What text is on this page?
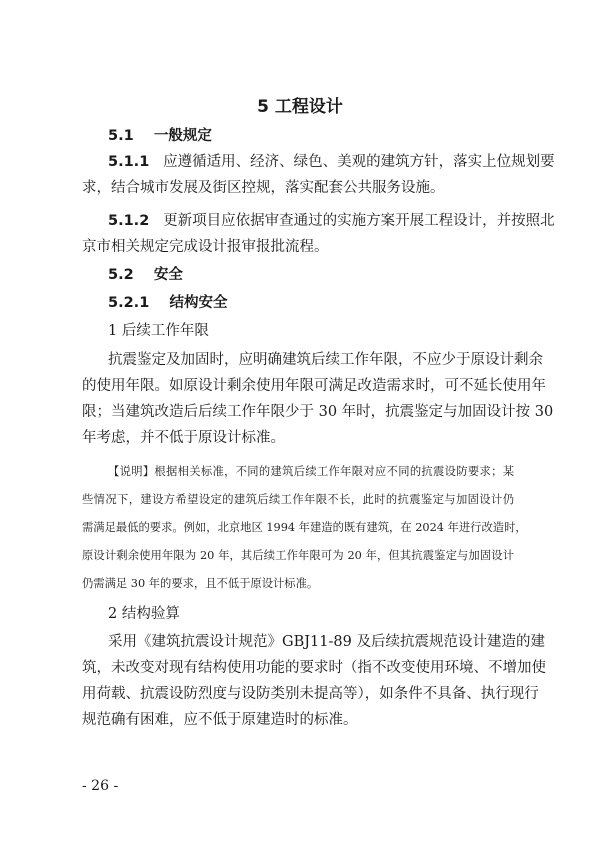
5 工程设计
5.1 一般规定
5.1.1 应遵循适用、经济、绿色、美观的建筑方针，落实上位规划要
求，结合城市发展及街区控规，落实配套公共服务设施。
5.1.2 更新项目应依据审查通过的实施方案开展工程设计，并按照北
京市相关规定完成设计报审报批流程。
5.2 安全
5.2.1 结构安全
1 后续工作年限
抗震鉴定及加固时，应明确建筑后续工作年限，不应少于原设计剩余
的使用年限。如原设计剩余使用年限可满足改造需求时，可不延长使用年
限；当建筑改造后后续工作年限少于 30 年时，抗震鉴定与加固设计按 30
年考虑，并不低于原设计标准。
【说明】根据相关标准，不同的建筑后续工作年限对应不同的抗震设防要求；某
些情况下，建设方希望设定的建筑后续工作年限不长，此时的抗震鉴定与加固设计仍
需满足最低的要求。例如，北京地区 1994 年建造的既有建筑，在 2024 年进行改造时，
原设计剩余使用年限为 20 年，其后续工作年限可为 20 年，但其抗震鉴定与加固设计
仍需满足 30 年的要求，且不低于原设计标准。
2 结构验算
采用《建筑抗震设计规范》GBJ11-89 及后续抗震规范设计建造的建
筑，未改变对现有结构使用功能的要求时（指不改变使用环境、不增加使
用荷载、抗震设防烈度与设防类别未提高等），如条件不具备、执行现行
规范确有困难，应不低于原建造时的标准。
- 26 -
